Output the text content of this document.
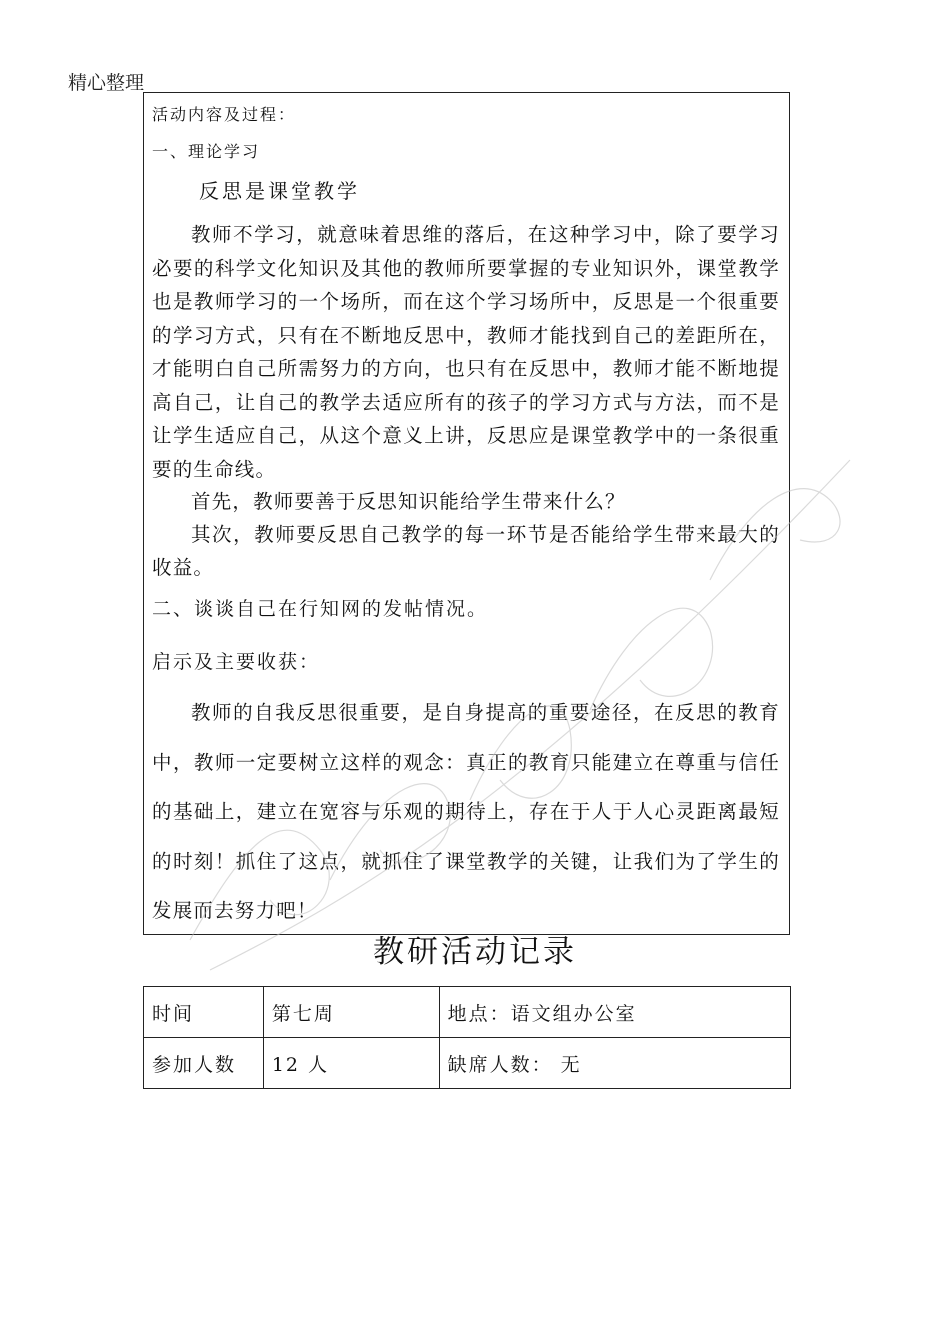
精心整理
活动内容及过程：
一、理论学习
反思是课堂教学

教师不学习，就意味着思维的落后，在这种学习中，除了要学习必要的科学文化知识及其他的教师所要掌握的专业知识外，课堂教学也是教师学习的一个场所，而在这个学习场所中，反思是一个很重要的学习方式，只有在不断地反思中，教师才能找到自己的差距所在，才能明白自己所需努力的方向，也只有在反思中，教师才能不断地提高自己，让自己的教学去适应所有的孩子的学习方式与方法，而不是让学生适应自己，从这个意义上讲，反思应是课堂教学中的一条很重要的生命线。

首先，教师要善于反思知识能给学生带来什么？

其次，教师要反思自己教学的每一环节是否能给学生带来最大的收益。

二、谈谈自己在行知网的发帖情况。
启示及主要收获：

教师的自我反思很重要，是自身提高的重要途径，在反思的教育中，教师一定要树立这样的观念：真正的教育只能建立在尊重与信任的基础上，建立在宽容与乐观的期待上，存在于人于人心灵距离最短的时刻！抓住了这点，就抓住了课堂教学的关键，让我们为了学生的发展而去努力吧！

教研活动记录
时间	第七周	地点：语文组办公室
参加人数	12 人	缺席人数： 无
